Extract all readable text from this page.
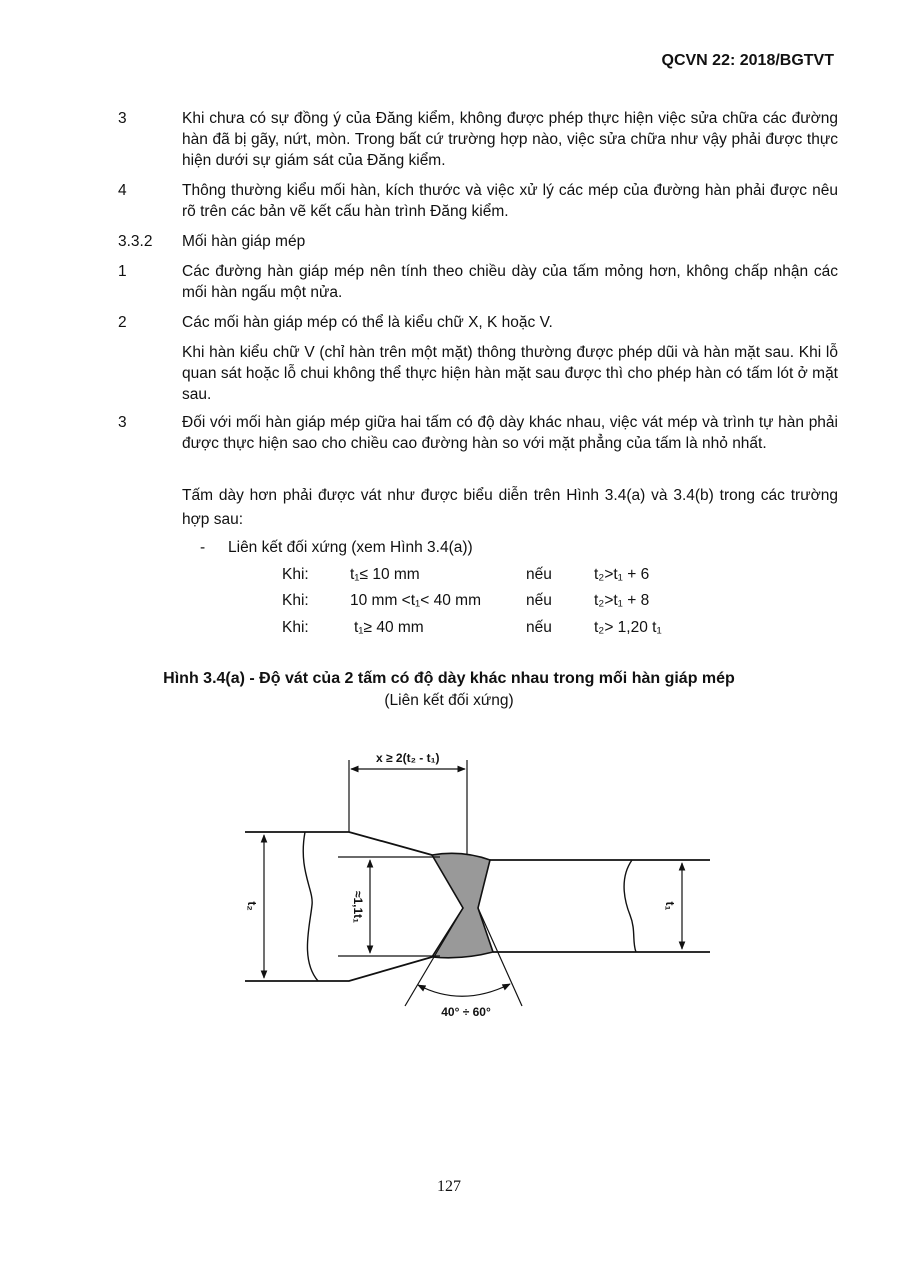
QCVN 22: 2018/BGTVT
3	Khi chưa có sự đồng ý của Đăng kiểm, không được phép thực hiện việc sửa chữa các đường hàn đã bị gãy, nứt, mòn. Trong bất cứ trường hợp nào, việc sửa chữa như vậy phải được thực hiện dưới sự giám sát của Đăng kiểm.
4	Thông thường kiểu mối hàn, kích thước và việc xử lý các mép của đường hàn phải được nêu rõ trên các bản vẽ kết cấu hàn trình Đăng kiểm.
3.3.2 Mối hàn giáp mép
1	Các đường hàn giáp mép nên tính theo chiều dày của tấm mỏng hơn, không chấp nhận các mối hàn ngấu một nửa.
2	Các mối hàn giáp mép có thể là kiểu chữ X, K hoặc V.
Khi hàn kiểu chữ V (chỉ hàn trên một mặt) thông thường được phép dũi và hàn mặt sau. Khi lỗ quan sát hoặc lỗ chui không thể thực hiện hàn mặt sau được thì cho phép hàn có tấm lót ở mặt sau.
3	Đối với mối hàn giáp mép giữa hai tấm có độ dày khác nhau, việc vát mép và trình tự hàn phải được thực hiện sao cho chiều cao đường hàn so với mặt phẳng của tấm là nhỏ nhất.
Tấm dày hơn phải được vát như được biểu diễn trên Hình 3.4(a) và 3.4(b) trong các trường hợp sau:
- Liên kết đối xứng (xem Hình 3.4(a))
Khi:	t₁≤ 10 mm	nếu	t₂>t₁ + 6
Khi:	10 mm <t₁< 40 mm	nếu	t₂>t₁ + 8
Khi:	t₁≥ 40 mm	nếu	t₂> 1,20 t₁
Hình 3.4(a) - Độ vát của 2 tấm có độ dày khác nhau trong mối hàn giáp mép
(Liên kết đối xứng)
x ≥ 2(t₂ - t₁)
t₂	≈1,1t₁	t₁
40° ÷ 60°
127
